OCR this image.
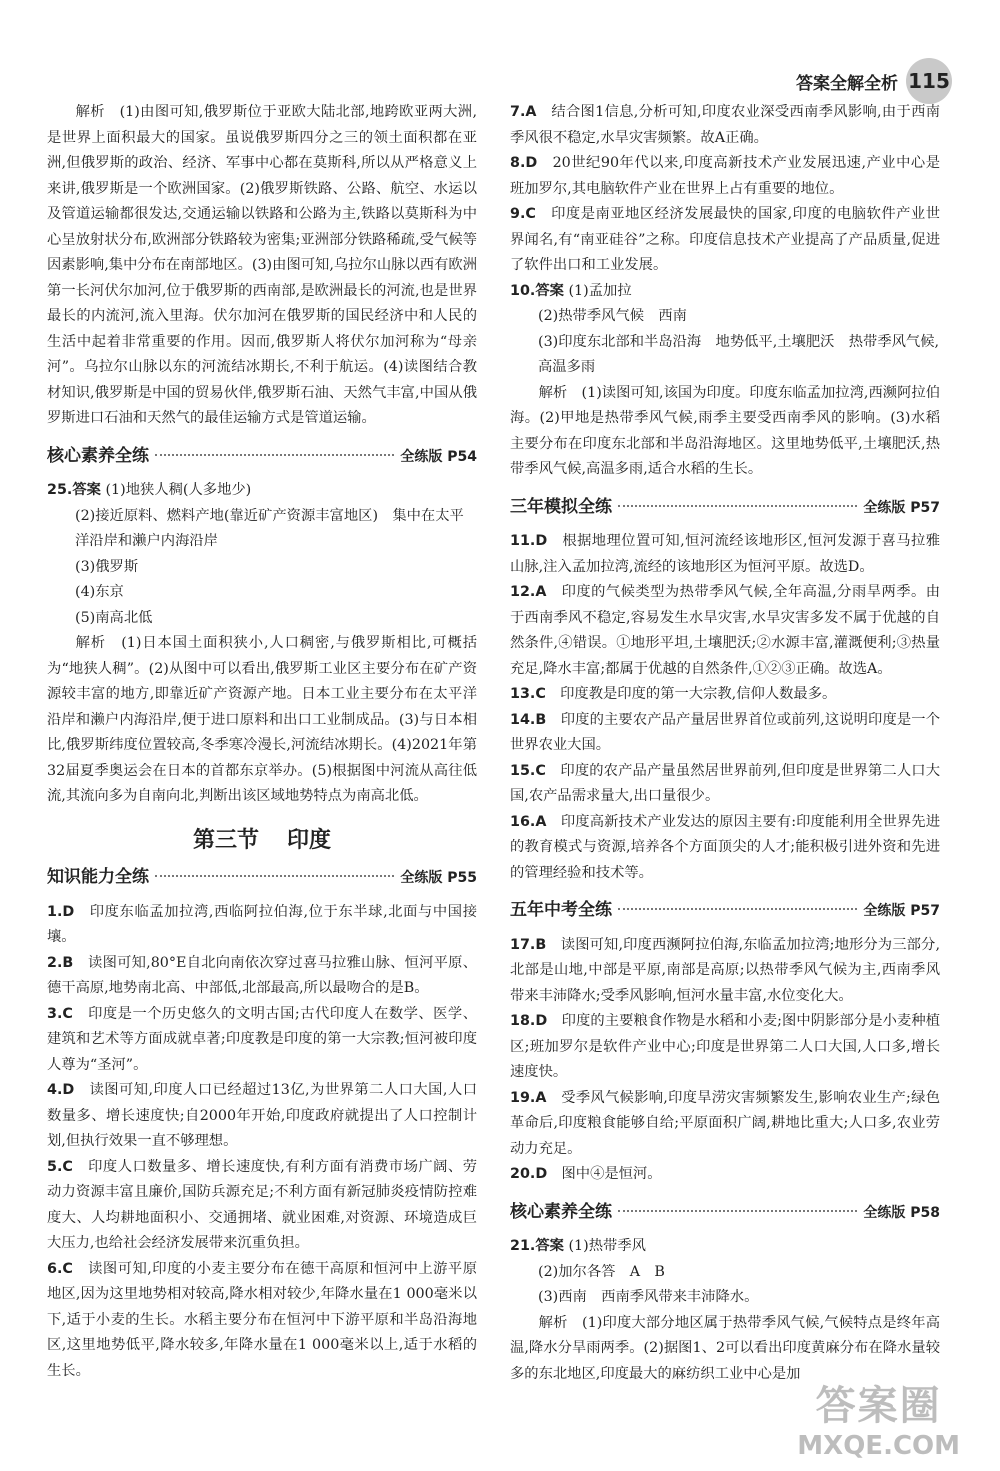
答案全解全析 115

解析　(1)由图可知,俄罗斯位于亚欧大陆北部,地跨欧亚两大洲,是世界上面积最大的国家。虽说俄罗斯四分之三的领土面积都在亚洲,但俄罗斯的政治、经济、军事中心都在莫斯科,所以从严格意义上来讲,俄罗斯是一个欧洲国家。(2)俄罗斯铁路、公路、航空、水运以及管道运输都很发达,交通运输以铁路和公路为主,铁路以莫斯科为中心呈放射状分布,欧洲部分铁路较为密集;亚洲部分铁路稀疏,受气候等因素影响,集中分布在南部地区。(3)由图可知,乌拉尔山脉以西有欧洲第一长河伏尔加河,位于俄罗斯的西南部,是欧洲最长的河流,也是世界最长的内流河,流入里海。伏尔加河在俄罗斯的国民经济中和人民的生活中起着非常重要的作用。因而,俄罗斯人将伏尔加河称为“母亲河”。乌拉尔山脉以东的河流结冰期长,不利于航运。(4)读图结合教材知识,俄罗斯是中国的贸易伙伴,俄罗斯石油、天然气丰富,中国从俄罗斯进口石油和天然气的最佳运输方式是管道运输。

核心素养全练	全练版 P54

25.答案 (1)地狭人稠(人多地少)

(2)接近原料、燃料产地(靠近矿产资源丰富地区)　集中在太平洋沿岸和濑户内海沿岸

(3)俄罗斯

(4)东京

(5)南高北低

解析　(1)日本国土面积狭小,人口稠密,与俄罗斯相比,可概括为“地狭人稠”。(2)从图中可以看出,俄罗斯工业区主要分布在矿产资源较丰富的地方,即靠近矿产资源产地。日本工业主要分布在太平洋沿岸和濑户内海沿岸,便于进口原料和出口工业制成品。(3)与日本相比,俄罗斯纬度位置较高,冬季寒冷漫长,河流结冰期长。(4)2021年第32届夏季奥运会在日本的首都东京举办。(5)根据图中河流从高往低流,其流向多为自南向北,判断出该区域地势特点为南高北低。

第三节 印度
知识能力全练	全练版 P55

1.D　 印度东临孟加拉湾,西临阿拉伯海,位于东半球,北面与中国接壤。

2.B　 读图可知,80°E自北向南依次穿过喜马拉雅山脉、恒河平原、德干高原,地势南北高、中部低,北部最高,所以最吻合的是B。

3.C　 印度是一个历史悠久的文明古国;古代印度人在数学、医学、建筑和艺术等方面成就卓著;印度教是印度的第一大宗教;恒河被印度人尊为“圣河”。

4.D　 读图可知,印度人口已经超过13亿,为世界第二人口大国,人口数量多、增长速度快;自2000年开始,印度政府就提出了人口控制计划,但执行效果一直不够理想。

5.C　 印度人口数量多、增长速度快,有利方面有消费市场广阔、劳动力资源丰富且廉价,国防兵源充足;不利方面有新冠肺炎疫情防控难度大、人均耕地面积小、交通拥堵、就业困难,对资源、环境造成巨大压力,也给社会经济发展带来沉重负担。

6.C　 读图可知,印度的小麦主要分布在德干高原和恒河中上游平原地区,因为这里地势相对较高,降水相对较少,年降水量在1 000毫米以下,适于小麦的生长。水稻主要分布在恒河中下游平原和半岛沿海地区,这里地势低平,降水较多,年降水量在1 000毫米以上,适于水稻的生长。

7.A　 结合图1信息,分析可知,印度农业深受西南季风影响,由于西南季风很不稳定,水旱灾害频繁。故A正确。

8.D　 20世纪90年代以来,印度高新技术产业发展迅速,产业中心是班加罗尔,其电脑软件产业在世界上占有重要的地位。

9.C　 印度是南亚地区经济发展最快的国家,印度的电脑软件产业世界闻名,有“南亚硅谷”之称。印度信息技术产业提高了产品质量,促进了软件出口和工业发展。

10.答案 (1)孟加拉

(2)热带季风气候　西南

(3)印度东北部和半岛沿海　地势低平,土壤肥沃　热带季风气候,高温多雨

解析　(1)读图可知,该国为印度。印度东临孟加拉湾,西濒阿拉伯海。(2)甲地是热带季风气候,雨季主要受西南季风的影响。(3)水稻主要分布在印度东北部和半岛沿海地区。这里地势低平,土壤肥沃,热带季风气候,高温多雨,适合水稻的生长。

三年模拟全练	全练版 P57

11.D　 根据地理位置可知,恒河流经该地形区,恒河发源于喜马拉雅山脉,注入孟加拉湾,流经的该地形区为恒河平原。故选D。

12.A　 印度的气候类型为热带季风气候,全年高温,分雨旱两季。由于西南季风不稳定,容易发生水旱灾害,水旱灾害多发不属于优越的自然条件,④错误。①地形平坦,土壤肥沃;②水源丰富,灌溉便利;③热量充足,降水丰富;都属于优越的自然条件,①②③正确。故选A。

13.C　 印度教是印度的第一大宗教,信仰人数最多。

14.B　 印度的主要农产品产量居世界首位或前列,这说明印度是一个世界农业大国。

15.C　 印度的农产品产量虽然居世界前列,但印度是世界第二人口大国,农产品需求量大,出口量很少。

16.A　 印度高新技术产业发达的原因主要有:印度能利用全世界先进的教育模式与资源,培养各个方面顶尖的人才;能积极引进外资和先进的管理经验和技术等。

五年中考全练	全练版 P57

17.B　 读图可知,印度西濒阿拉伯海,东临孟加拉湾;地形分为三部分,北部是山地,中部是平原,南部是高原;以热带季风气候为主,西南季风带来丰沛降水;受季风影响,恒河水量丰富,水位变化大。

18.D　 印度的主要粮食作物是水稻和小麦;图中阴影部分是小麦种植区;班加罗尔是软件产业中心;印度是世界第二人口大国,人口多,增长速度快。

19.A　 受季风气候影响,印度旱涝灾害频繁发生,影响农业生产;绿色革命后,印度粮食能够自给;平原面积广阔,耕地比重大;人口多,农业劳动力充足。

20.D　 图中④是恒河。

核心素养全练	全练版 P58

21.答案 (1)热带季风

(2)加尔各答　A　B

(3)西南　西南季风带来丰沛降水。

解析　(1)印度大部分地区属于热带季风气候,气候特点是终年高温,降水分旱雨两季。(2)据图1、2可以看出印度黄麻分布在降水量较多的东北地区,印度最大的麻纺织工业中心是加

答案圈
MXQE.COM
